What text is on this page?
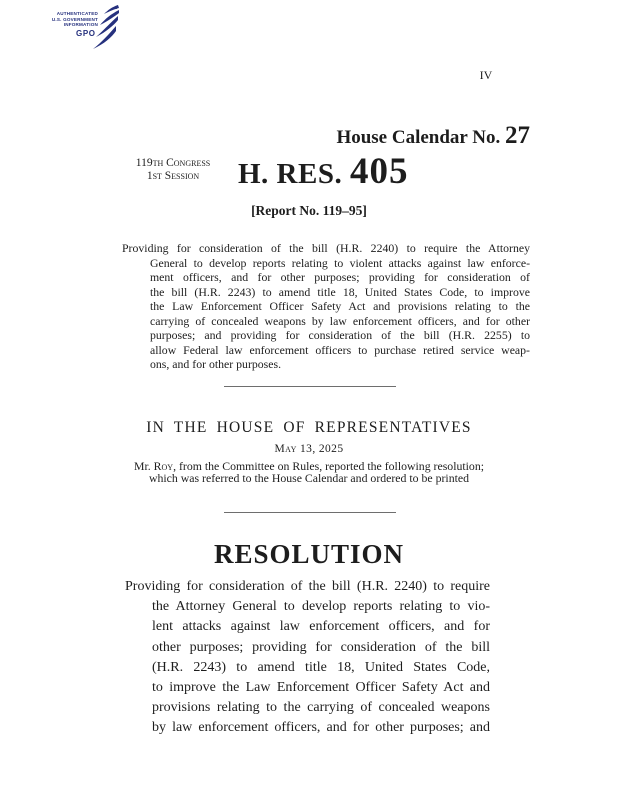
AUTHENTICATED
U.S. GOVERNMENT
INFORMATION
GPO
IV
House Calendar No. 27
119th Congress
1st Session	H. RES. 405
[Report No. 119–95]
Providing for consideration of the bill (H.R. 2240) to require the Attorney
General to develop reports relating to violent attacks against law enforce-
ment officers, and for other purposes; providing for consideration of
the bill (H.R. 2243) to amend title 18, United States Code, to improve
the Law Enforcement Officer Safety Act and provisions relating to the
carrying of concealed weapons by law enforcement officers, and for other
purposes; and providing for consideration of the bill (H.R. 2255) to
allow Federal law enforcement officers to purchase retired service weap-
ons, and for other purposes.
IN THE HOUSE OF REPRESENTATIVES
May 13, 2025
Mr. Roy, from the Committee on Rules, reported the following resolution;
which was referred to the House Calendar and ordered to be printed
RESOLUTION
Providing for consideration of the bill (H.R. 2240) to require
the Attorney General to develop reports relating to vio-
lent attacks against law enforcement officers, and for
other purposes; providing for consideration of the bill
(H.R. 2243) to amend title 18, United States Code,
to improve the Law Enforcement Officer Safety Act and
provisions relating to the carrying of concealed weapons
by law enforcement officers, and for other purposes; and
